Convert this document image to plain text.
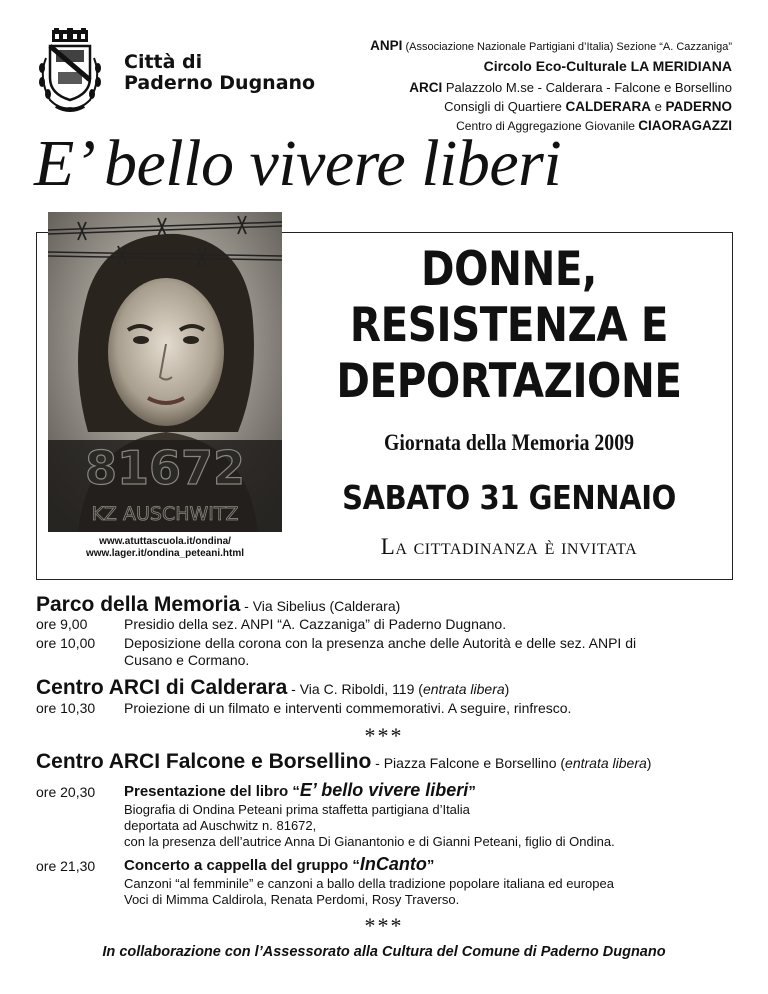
Città di
Paderno Dugnano
ANPI (Associazione Nazionale Partigiani d’Italia) Sezione “A. Cazzaniga”
Circolo Eco-Culturale LA MERIDIANA
ARCI Palazzolo M.se - Calderara - Falcone e Borsellino
Consigli di Quartiere CALDERARA e PADERNO
Centro di Aggregazione Giovanile CIAORAGAZZI
E’ bello vivere liberi
81672
KZ AUSCHWITZ
www.atuttascuola.it/ondina/
www.lager.it/ondina_peteani.html
DONNE,
RESISTENZA E
DEPORTAZIONE
Giornata della Memoria 2009
SABATO 31 GENNAIO
La cittadinanza è invitata
Parco della Memoria - Via Sibelius (Calderara)
ore 9,00	Presidio della sez. ANPI “A. Cazzaniga” di Paderno Dugnano.
ore 10,00	Deposizione della corona con la presenza anche delle Autorità e delle sez. ANPI di
Cusano e Cormano.
Centro ARCI di Calderara - Via C. Riboldi, 119 (entrata libera)
ore 10,30	Proiezione di un filmato e interventi commemorativi. A seguire, rinfresco.
***
Centro ARCI Falcone e Borsellino - Piazza Falcone e Borsellino (entrata libera)
ore 20,30	Presentazione del libro “E’ bello vivere liberi”
Biografia di Ondina Peteani prima staffetta partigiana d’Italia
deportata ad Auschwitz n. 81672,
con la presenza dell’autrice Anna Di Gianantonio e di Gianni Peteani, figlio di Ondina.
ore 21,30	Concerto a cappella del gruppo “InCanto”
Canzoni “al femminile” e canzoni a ballo della tradizione popolare italiana ed europea
Voci di Mimma Caldirola, Renata Perdomi, Rosy Traverso.
***
In collaborazione con l’Assessorato alla Cultura del Comune di Paderno Dugnano
